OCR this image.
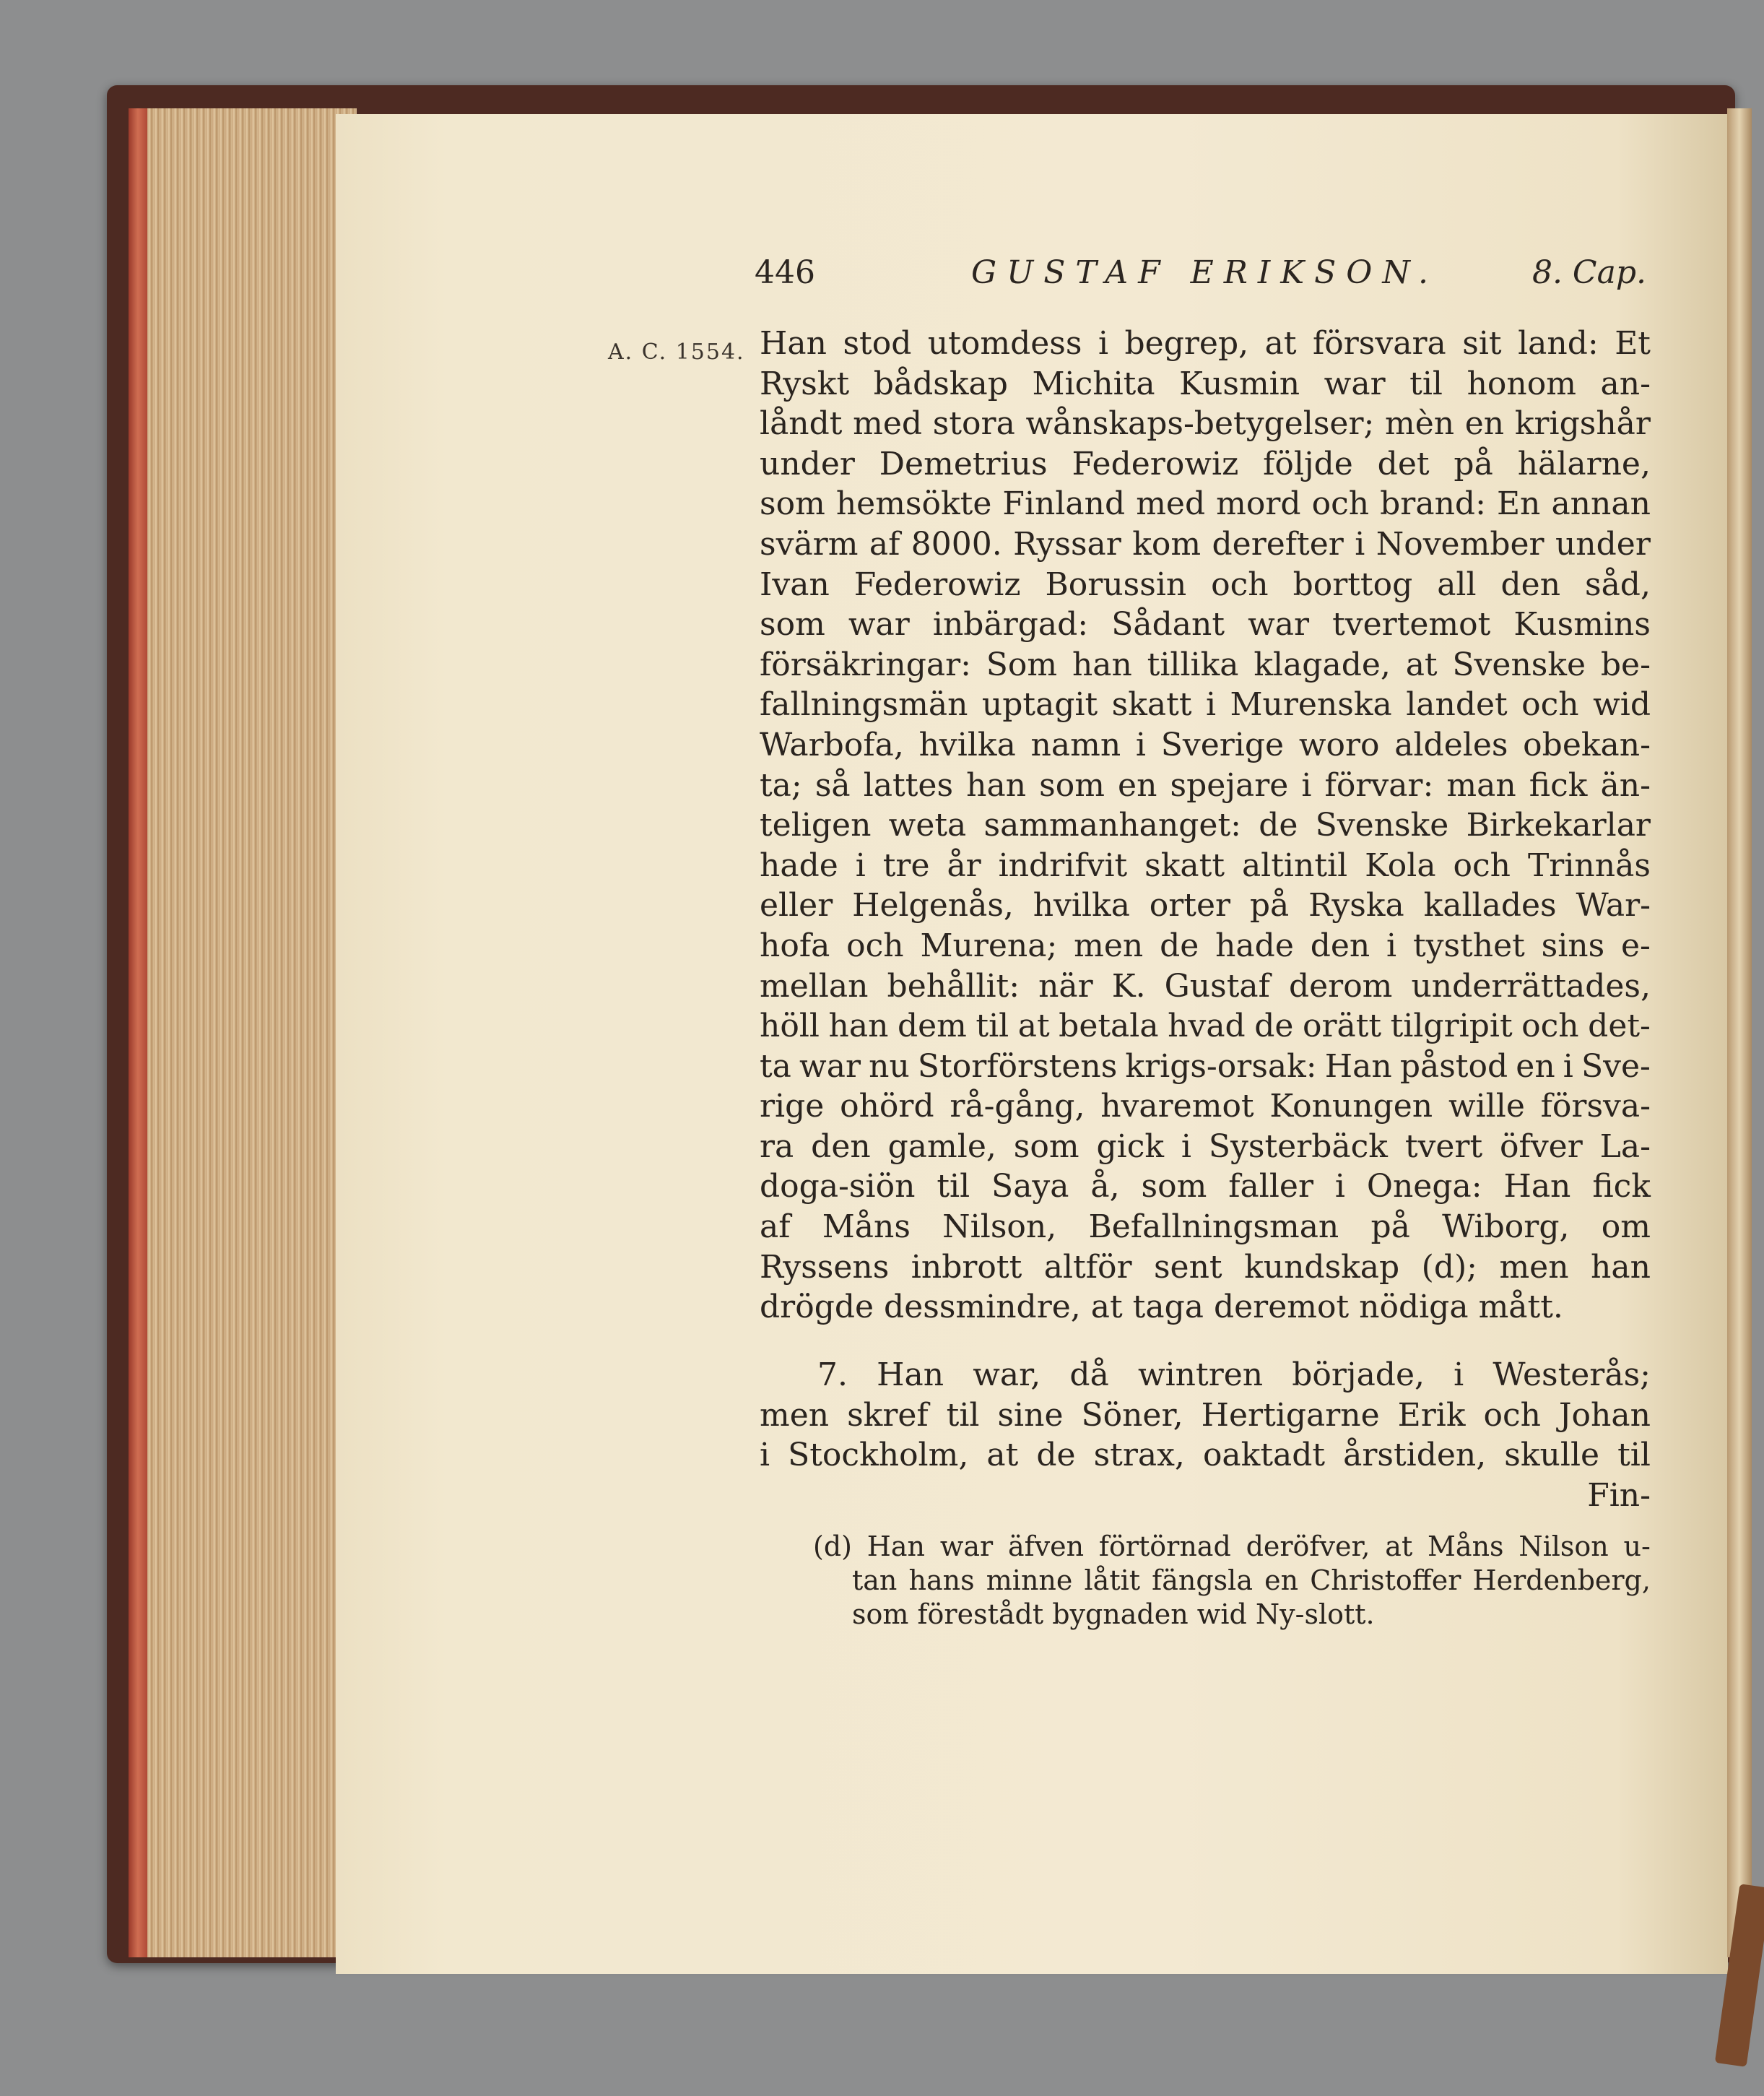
446	GUSTAF ERIKSON.	8. Cap.
A. C. 1554. Han stod utomdess i begrep, at försvara sit land: Et
Ryskt bådskap Michita Kusmin war til honom an-
låndt med stora wånskaps-betygelser; mèn en krigshår
under Demetrius Federowiz följde det på hälarne,
som hemsökte Finland med mord och brand: En annan
svärm af 8000. Ryssar kom derefter i November under
Ivan Federowiz Borussin och borttog all den såd,
som war inbärgad: Sådant war tvertemot Kusmins
försäkringar: Som han tillika klagade, at Svenske be-
fallningsmän uptagit skatt i Murenska landet och wid
Warbofa, hvilka namn i Sverige woro aldeles obekan-
ta; så lattes han som en spejare i förvar: man fick än-
teligen weta sammanhanget: de Svenske Birkekarlar
hade i tre år indrifvit skatt altintil Kola och Trinnås
eller Helgenås, hvilka orter på Ryska kallades War-
hofa och Murena; men de hade den i tysthet sins e-
mellan behållit: när K. Gustaf derom underrättades,
höll han dem til at betala hvad de orätt tilgripit och det-
ta war nu Storförstens krigs-orsak: Han påstod en i Sve-
rige ohörd rå-gång, hvaremot Konungen wille försva-
ra den gamle, som gick i Systerbäck tvert öfver La-
doga-siön til Saya å, som faller i Onega: Han fick
af Måns Nilson, Befallningsman på Wiborg, om
Ryssens inbrott altför sent kundskap (d); men han
drögde dessmindre, at taga deremot nödiga mått.
7. Han war, då wintren började, i Westerås;
men skref til sine Söner, Hertigarne Erik och Johan
i Stockholm, at de strax, oaktadt årstiden, skulle til
Fin-
(d) Han war äfven förtörnad deröfver, at Måns Nilson u-
tan hans minne låtit fängsla en Christoffer Herdenberg,
som förestådt bygnaden wid Ny-slott.
